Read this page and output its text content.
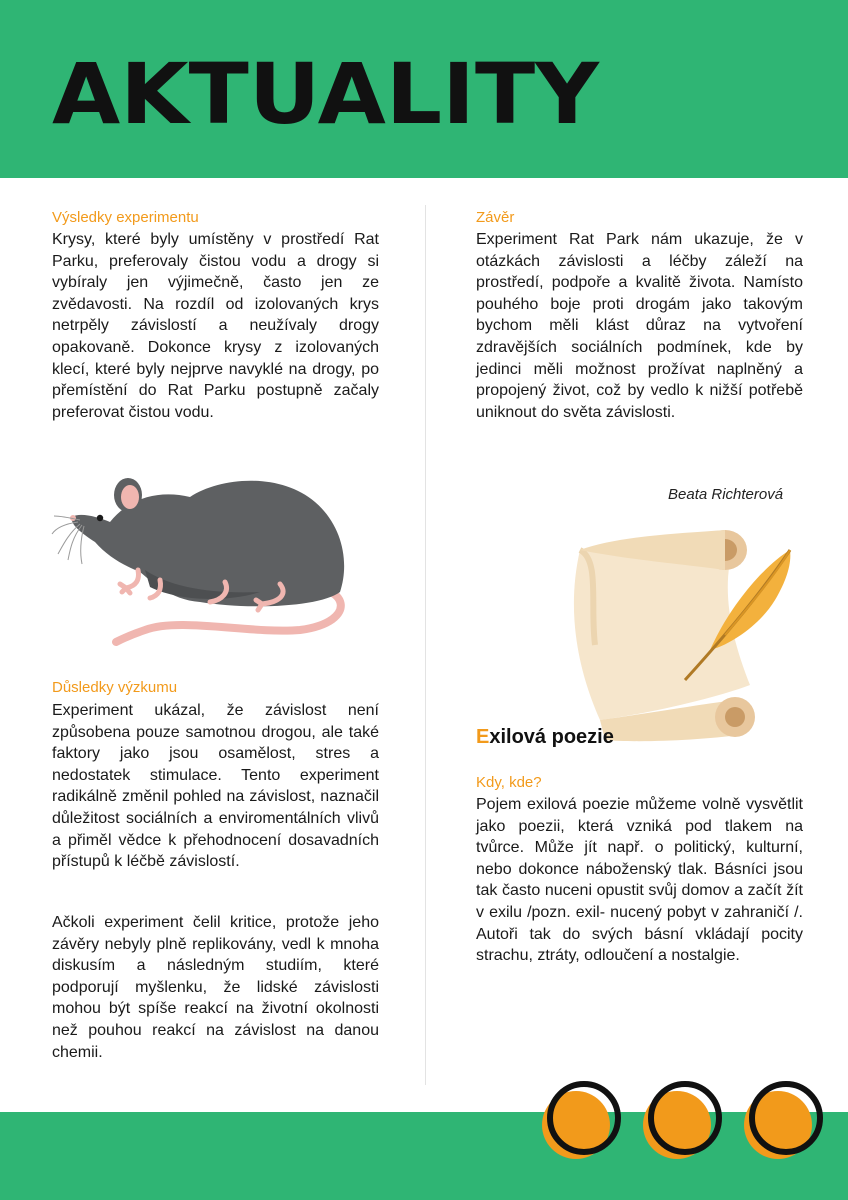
AKTUALITY
Výsledky experimentu
Krysy, které byly umístěny v prostředí Rat Parku, preferovaly čistou vodu a drogy si vybíraly jen výjimečně, často jen ze zvědavosti. Na rozdíl od izolovaných krys netrpěly závislostí a neužívaly drogy opakovaně. Dokonce krysy z izolovaných klecí, které byly nejprve navyklé na drogy, po přemístění do Rat Parku postupně začaly preferovat čistou vodu.
Důsledky výzkumu
Experiment ukázal, že závislost není způsobena pouze samotnou drogou, ale také faktory jako jsou osamělost, stres a nedostatek stimulace. Tento experiment radikálně změnil pohled na závislost, naznačil důležitost sociálních a enviromentálních vlivů a přiměl vědce k přehodnocení dosavadních přístupů k léčbě závislostí.
Ačkoli experiment čelil kritice, protože jeho závěry nebyly plně replikovány, vedl k mnoha diskusím a následným studiím, které podporují myšlenku, že lidské závislosti mohou být spíše reakcí na životní okolnosti než pouhou reakcí na závislost na danou chemii.
Závěr
Experiment Rat Park nám ukazuje, že v otázkách závislosti a léčby záleží na prostředí, podpoře a kvalitě života. Namísto pouhého boje proti drogám jako takovým bychom měli klást důraz na vytvoření zdravějších sociálních podmínek, kde by jedinci měli možnost prožívat naplněný a propojený život, což by vedlo k nižší potřebě uniknout do světa závislosti.
Beata Richterová
Exilová poezie
Kdy, kde?
Pojem exilová poezie můžeme volně vysvětlit jako poezii, která vzniká pod tlakem na tvůrce. Může jít např. o politický, kulturní, nebo dokonce náboženský tlak. Básníci jsou tak často nuceni opustit svůj domov a začít žít v exilu /pozn. exil- nucený pobyt v zahraničí /. Autoři tak do svých básní vkládají pocity strachu, ztráty, odloučení a nostalgie.
